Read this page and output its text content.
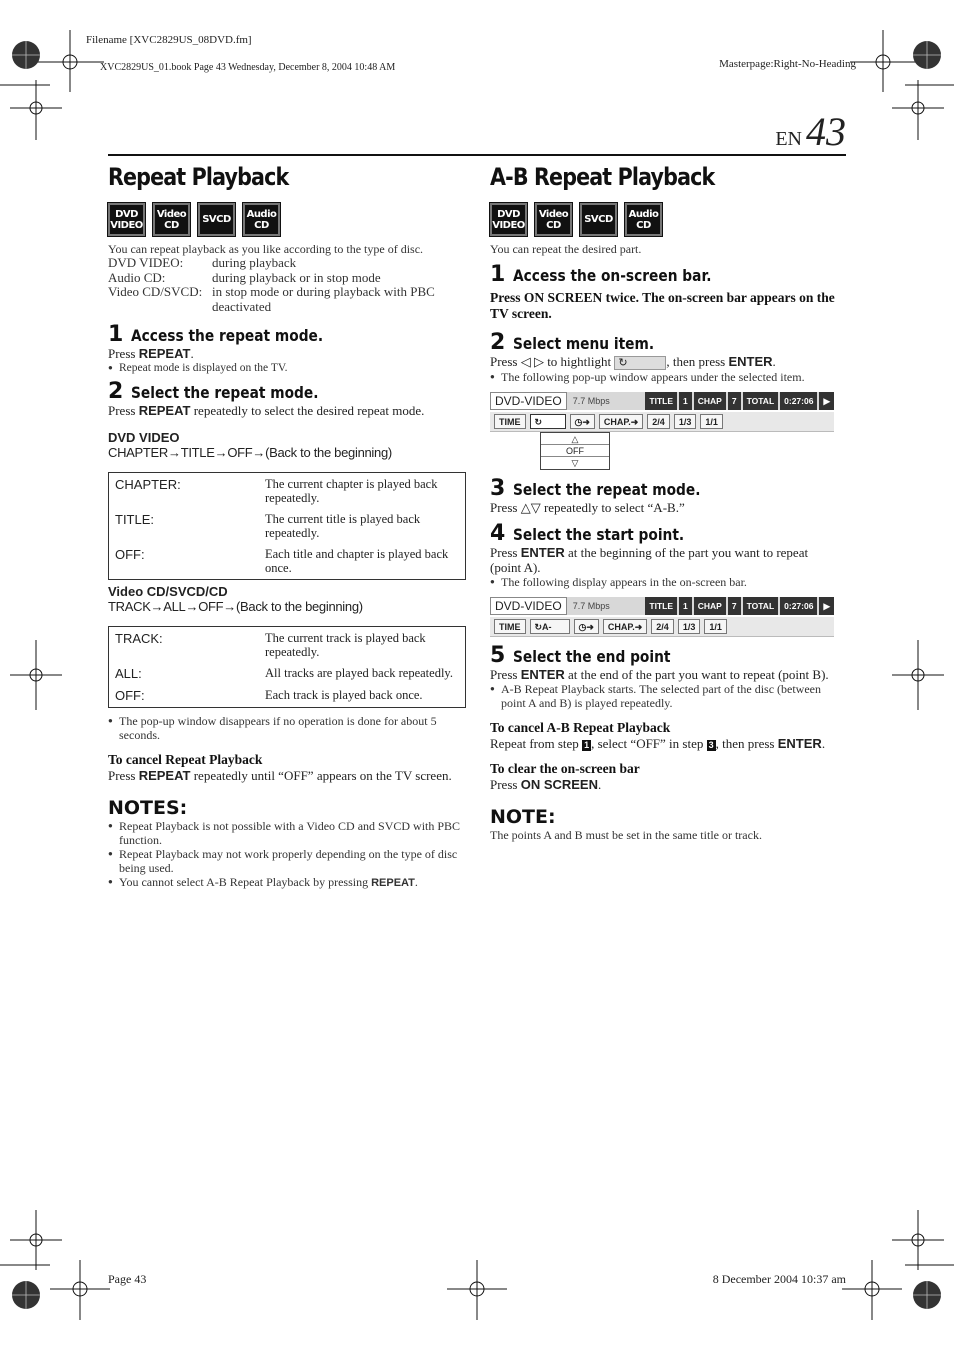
Filename [XVC2829US_08DVD.fm]
XVC2829US_01.book Page 43 Wednesday, December 8, 2004 10:48 AM	Masterpage:Right-No-Heading
EN 43
Repeat Playback
DVD VIDEO
Video CD	SVCD	Audio CD
You can repeat playback as you like according to the type of disc.
DVD VIDEO:	during playback
Audio CD:	during playback or in stop mode
Video CD/SVCD: in stop mode or during playback with PBC deactivated
1 Access the repeat mode.
Press REPEAT.
● Repeat mode is displayed on the TV.
2 Select the repeat mode.
Press REPEAT repeatedly to select the desired repeat mode.
DVD VIDEO
CHAPTER→TITLE→OFF→(Back to the beginning)
CHAPTER:	The current chapter is played back repeatedly.
TITLE:	The current title is played back repeatedly.
OFF:	Each title and chapter is played back once.
Video CD/SVCD/CD
TRACK→ALL→OFF→(Back to the beginning)
TRACK:	The current track is played back repeatedly.
ALL:	All tracks are played back repeatedly.
OFF:	Each track is played back once.
● The pop-up window disappears if no operation is done for about 5 seconds.
To cancel Repeat Playback
Press REPEAT repeatedly until “OFF” appears on the TV screen.
NOTES:
● Repeat Playback is not possible with a Video CD and SVCD with PBC function.
● Repeat Playback may not work properly depending on the type of disc being used.
● You cannot select A-B Repeat Playback by pressing REPEAT.
A-B Repeat Playback
DVD VIDEO
Video CD	SVCD	Audio CD
You can repeat the desired part.
1 Access the on-screen bar.
Press ON SCREEN twice. The on-screen bar appears on the TV screen.
2 Select menu item.
Press ◁ ▷ to hightlight ↻	, then press ENTER.
● The following pop-up window appears under the selected item.
DVD-VIDEO	7.7 Mbps	TITLE	1	CHAP	7	TOTAL	0:27:06	▶
TIME	↻	◷➜	CHAP.➜	2/4	1/3	1/1
△
OFF
▽
3 Select the repeat mode.
Press △▽ repeatedly to select “A-B.”
4 Select the start point.
Press ENTER at the beginning of the part you want to repeat (point A).
● The following display appears in the on-screen bar.
DVD-VIDEO	7.7 Mbps	TITLE	1	CHAP	7	TOTAL	0:27:06	▶
TIME	↻A-	◷➜	CHAP.➜	2/4	1/3	1/1
5 Select the end point
Press ENTER at the end of the part you want to repeat (point B).
● A-B Repeat Playback starts. The selected part of the disc (between point A and B) is played repeatedly.
To cancel A-B Repeat Playback
Repeat from step 1 , select “OFF” in step 3 , then press ENTER.
To clear the on-screen bar
Press ON SCREEN.
NOTE:
The points A and B must be set in the same title or track.
Page 43	8 December 2004 10:37 am
